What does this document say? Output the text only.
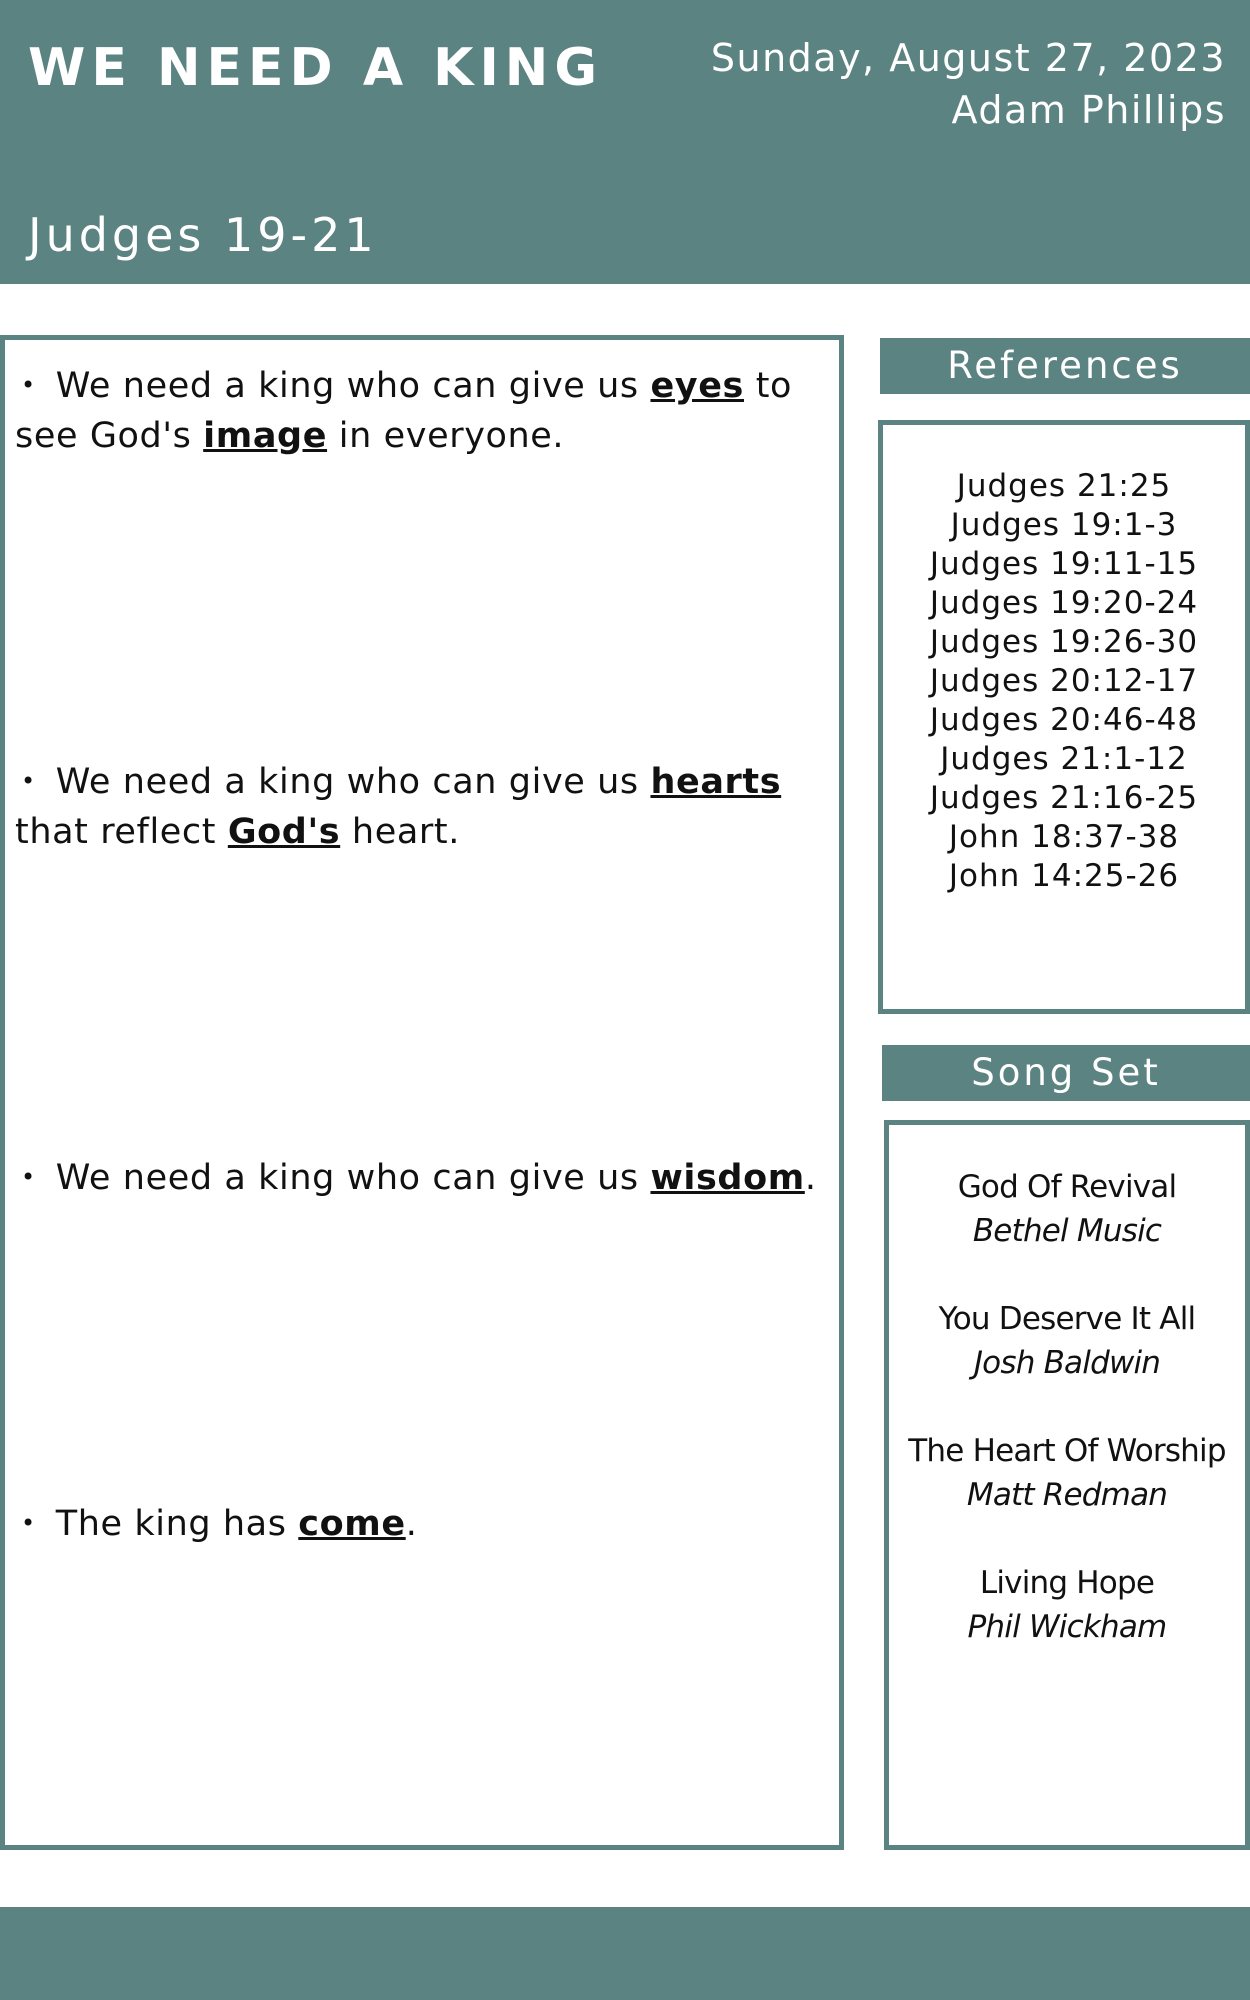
WE NEED A KING	Sunday, August 27, 2023
Adam Phillips
Judges 19-21
• We need a king who can give us eyes to see God's image in everyone.
• We need a king who can give us hearts
that reflect God's heart.
• We need a king who can give us wisdom.
• The king has come.
References
Judges 21:25
Judges 19:1-3
Judges 19:11-15
Judges 19:20-24
Judges 19:26-30
Judges 20:12-17
Judges 20:46-48
Judges 21:1-12
Judges 21:16-25
John 18:37-38
John 14:25-26
Song Set
God Of Revival
Bethel Music
You Deserve It All
Josh Baldwin
The Heart Of Worship
Matt Redman
Living Hope
Phil Wickham
